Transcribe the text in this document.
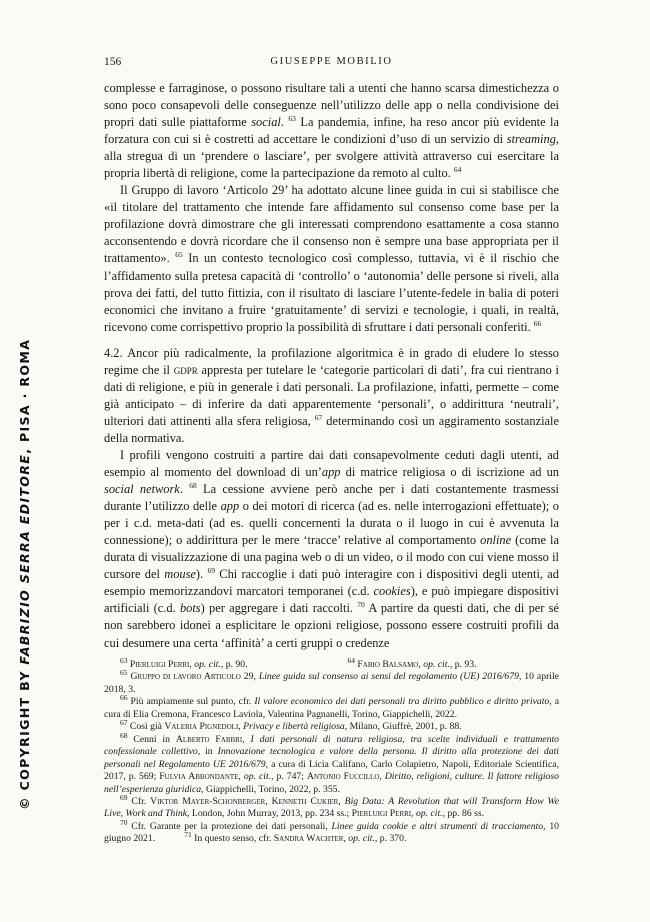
© COPYRIGHT BY FABRIZIO SERRA EDITORE, PISA · ROMA
156	GIUSEPPE MOBILIO

complesse e farraginose, o possono risultare tali a utenti che hanno scarsa dimestichezza o sono poco consapevoli delle conseguenze nell’utilizzo delle app o nella condivisione dei propri dati sulle piattaforme social. $^{63}$ La pandemia, infine, ha reso ancor più evidente la forzatura con cui si è costretti ad accettare le condizioni d’uso di un servizio di streaming, alla stregua di un ‘prendere o lasciare’, per svolgere attività attraverso cui esercitare la propria libertà di religione, come la partecipazione da remoto al culto. $^{64}$

Il Gruppo di lavoro ‘Articolo 29’ ha adottato alcune linee guida in cui si stabilisce che «il titolare del trattamento che intende fare affidamento sul consenso come base per la profilazione dovrà dimostrare che gli interessati comprendono esattamente a cosa stanno acconsentendo e dovrà ricordare che il consenso non è sempre una base appropriata per il trattamento». $^{65}$ In un contesto tecnologico così complesso, tuttavia, vi è il rischio che l’affidamento sulla pretesa capacità di ‘controllo’ o ‘autonomia’ delle persone si riveli, alla prova dei fatti, del tutto fittizia, con il risultato di lasciare l’utente-fedele in balia di poteri economici che invitano a fruire ‘gratuitamente’ di servizi e tecnologie, i quali, in realtà, ricevono come corrispettivo proprio la possibilità di sfruttare i dati personali conferiti. $^{66}$

4.2. Ancor più radicalmente, la profilazione algoritmica è in grado di eludere lo stesso regime che il gdpr appresta per tutelare le ‘categorie particolari di dati’, fra cui rientrano i dati di religione, e più in generale i dati personali. La profilazione, infatti, permette – come già anticipato – di inferire da dati apparentemente ‘personali’, o addirittura ‘neutrali’, ulteriori dati attinenti alla sfera religiosa, $^{67}$ determinando così un aggiramento sostanziale della normativa.

I profili vengono costruiti a partire dai dati consapevolmente ceduti dagli utenti, ad esempio al momento del download di un’app di matrice religiosa o di iscrizione ad un social network. $^{68}$ La cessione avviene però anche per i dati costantemente trasmessi durante l’utilizzo delle app o dei motori di ricerca (ad es. nelle interrogazioni effettuate); o per i c.d. meta-dati (ad es. quelli concernenti la durata o il luogo in cui è avvenuta la connessione); o addirittura per le mere ‘tracce’ relative al comportamento online (come la durata di visualizzazione di una pagina web o di un video, o il modo con cui viene mosso il cursore del mouse). $^{69}$ Chi raccoglie i dati può interagire con i dispositivi degli utenti, ad esempio memorizzandovi marcatori temporanei (c.d. cookies), e può impiegare dispositivi artificiali (c.d. bots) per aggregare i dati raccolti. $^{70}$ A partire da questi dati, che di per sé non sarebbero idonei a esplicitare le opzioni religiose, possono essere costruiti profili da cui desumere una certa ‘affinità’ a certi gruppi o credenze

$^{63}$ Pierluigi Perri, op. cit., p. 90.	$^{64}$ Fabio Balsamo, op. cit., p. 93.

$^{65}$ Gruppo di lavoro Articolo 29, Linee guida sul consenso ai sensi del regolamento (UE) 2016/679, 10 aprile 2018, 3.

$^{66}$ Più ampiamente sul punto, cfr. Il valore economico dei dati personali tra diritto pubblico e diritto privato, a cura di Elia Cremona, Francesco Laviola, Valentina Pagnanelli, Torino, Giappichelli, 2022.

$^{67}$ Così già Valeria Pignedoli, Privacy e libertà religiosa, Milano, Giuffrè, 2001, p. 88.

$^{68}$ Cenni in Alberto Fabbri, I dati personali di natura religiosa, tra scelte individuali e trattamento confessionale collettivo, in Innovazione tecnologica e valore della persona. Il diritto alla protezione dei dati personali nel Regolamento UE 2016/679, a cura di Licia Califano, Carlo Colapietro, Napoli, Editoriale Scientifica, 2017, p. 569; Fulvia Abbondante, op. cit., p. 747; Antonio Fuccillo, Diritto, religioni, culture. Il fattore religioso nell’esperienza giuridica, Giappichelli, Torino, 2022, p. 355.

$^{69}$ Cfr. Viktor Mayer-Schonberger, Kenneth Cukier, Big Data: A Revolution that will Transform How We Live, Work and Think, London, John Murray, 2013, pp. 234 ss.; Pierluigi Perri, op. cit., pp. 86 ss.

$^{70}$ Cfr. Garante per la protezione dei dati personali, Linee guida cookie e altri strumenti di tracciamento, 10 giugno 2021.   	$^{71}$ In questo senso, cfr. Sandra Wachter, op. cit., p. 370.
